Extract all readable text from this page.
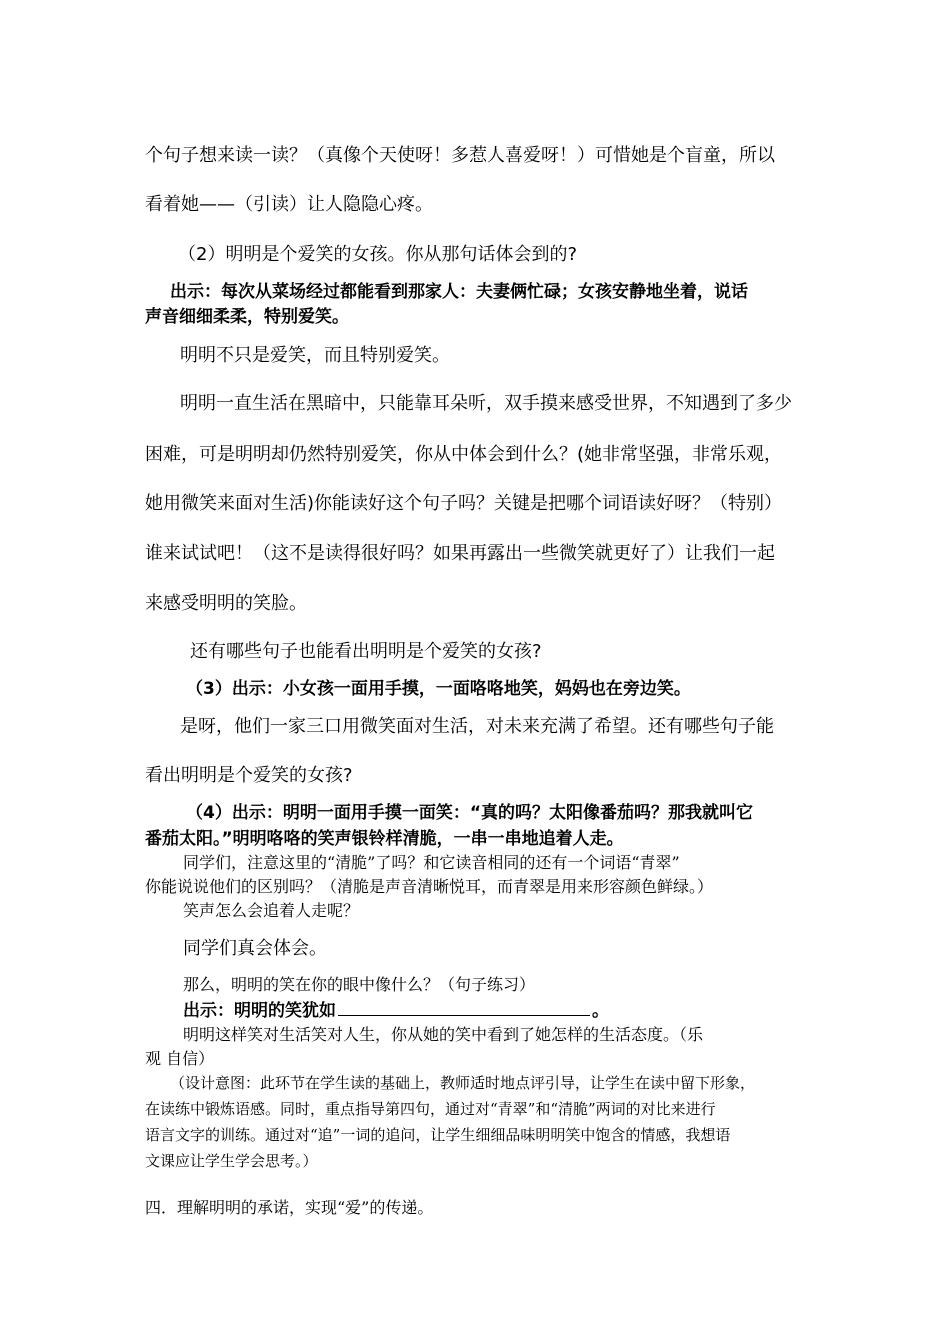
个句子想来读一读？（真像个天使呀！多惹人喜爱呀！）可惜她是个盲童，所以
看着她——（引读）让人隐隐心疼。
（2）明明是个爱笑的女孩。你从那句话体会到的?
出示：每次从菜场经过都能看到那家人：夫妻俩忙碌；女孩安静地坐着，说话
声音细细柔柔，特别爱笑。
明明不只是爱笑，而且特别爱笑。
明明一直生活在黑暗中，只能靠耳朵听，双手摸来感受世界，不知遇到了多少
困难，可是明明却仍然特别爱笑，你从中体会到什么？(她非常坚强，非常乐观，
她用微笑来面对生活)你能读好这个句子吗？关键是把哪个词语读好呀？（特别）
谁来试试吧！（这不是读得很好吗？如果再露出一些微笑就更好了）让我们一起
来感受明明的笑脸。
还有哪些句子也能看出明明是个爱笑的女孩?
（3）出示：小女孩一面用手摸，一面咯咯地笑，妈妈也在旁边笑。
是呀，他们一家三口用微笑面对生活，对未来充满了希望。还有哪些句子能
看出明明是个爱笑的女孩?
（4）出示：明明一面用手摸一面笑：“真的吗？太阳像番茄吗？那我就叫它
番茄太阳。”明明咯咯的笑声银铃样清脆，一串一串地追着人走。
同学们，注意这里的“清脆”了吗？和它读音相同的还有一个词语“青翠”
你能说说他们的区别吗？（清脆是声音清晰悦耳，而青翠是用来形容颜色鲜绿。）
笑声怎么会追着人走呢？
同学们真会体会。
那么，明明的笑在你的眼中像什么？（句子练习）
出示：明明的笑犹如	。
明明这样笑对生活笑对人生，你从她的笑中看到了她怎样的生活态度。（乐
观 自信）
（设计意图：此环节在学生读的基础上，教师适时地点评引导，让学生在读中留下形象，
在读练中锻炼语感。同时，重点指导第四句，通过对“青翠”和“清脆”两词的对比来进行
语言文字的训练。通过对“追”一词的追问，让学生细细品味明明笑中饱含的情感，我想语
文课应让学生学会思考。）
四．理解明明的承诺，实现“爱”的传递。
